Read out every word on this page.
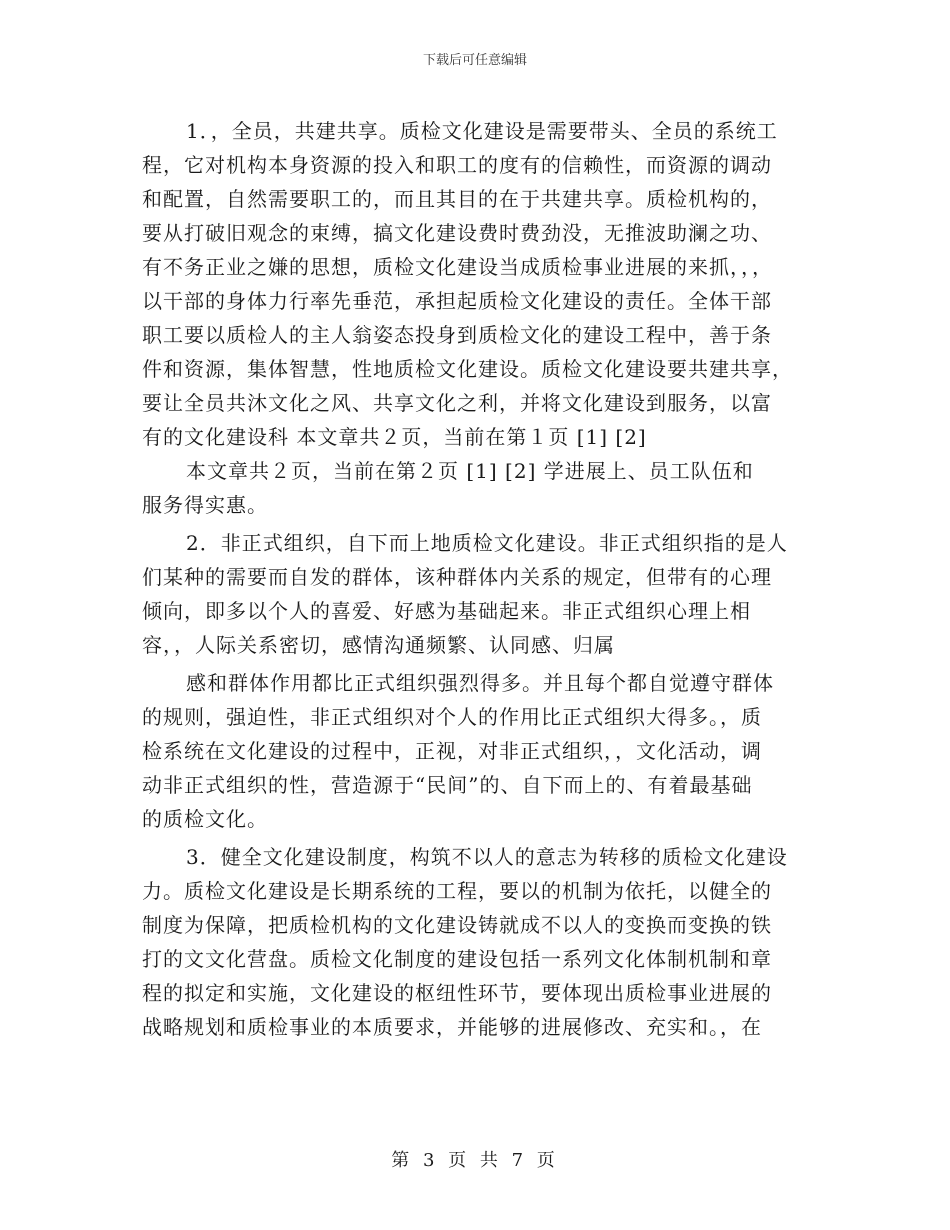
下载后可任意编辑
1．，全员，共建共享。质检文化建设是需要带头、全员的系统工
程，它对机构本身资源的投入和职工的度有的信赖性，而资源的调动
和配置，自然需要职工的，而且其目的在于共建共享。质检机构的，
要从打破旧观念的束缚，搞文化建设费时费劲没，无推波助澜之功、
有不务正业之嫌的思想，质检文化建设当成质检事业进展的来抓，，，
以干部的身体力行率先垂范，承担起质检文化建设的责任。全体干部
职工要以质检人的主人翁姿态投身到质检文化的建设工程中，善于条
件和资源，集体智慧，性地质检文化建设。质检文化建设要共建共享，
要让全员共沐文化之风、共享文化之利，并将文化建设到服务，以富
有的文化建设科 本文章共２页，当前在第１页 [1] [2]
本文章共２页，当前在第２页 [1] [2] 学进展上、员工队伍和
服务得实惠。
2．非正式组织，自下而上地质检文化建设。非正式组织指的是人
们某种的需要而自发的群体，该种群体内关系的规定，但带有的心理
倾向，即多以个人的喜爱、好感为基础起来。非正式组织心理上相
容，，人际关系密切，感情沟通频繁、认同感、归属
感和群体作用都比正式组织强烈得多。并且每个都自觉遵守群体
的规则，强迫性，非正式组织对个人的作用比正式组织大得多。，质
检系统在文化建设的过程中，正视，对非正式组织，，文化活动，调
动非正式组织的性，营造源于“民间”的、自下而上的、有着最基础
的质检文化。
3．健全文化建设制度，构筑不以人的意志为转移的质检文化建设
力。质检文化建设是长期系统的工程，要以的机制为依托，以健全的
制度为保障，把质检机构的文化建设铸就成不以人的变换而变换的铁
打的文文化营盘。质检文化制度的建设包括一系列文化体制机制和章
程的拟定和实施，文化建设的枢纽性环节，要体现出质检事业进展的
战略规划和质检事业的本质要求，并能够的进展修改、充实和。，在
第 3 页 共 7 页
